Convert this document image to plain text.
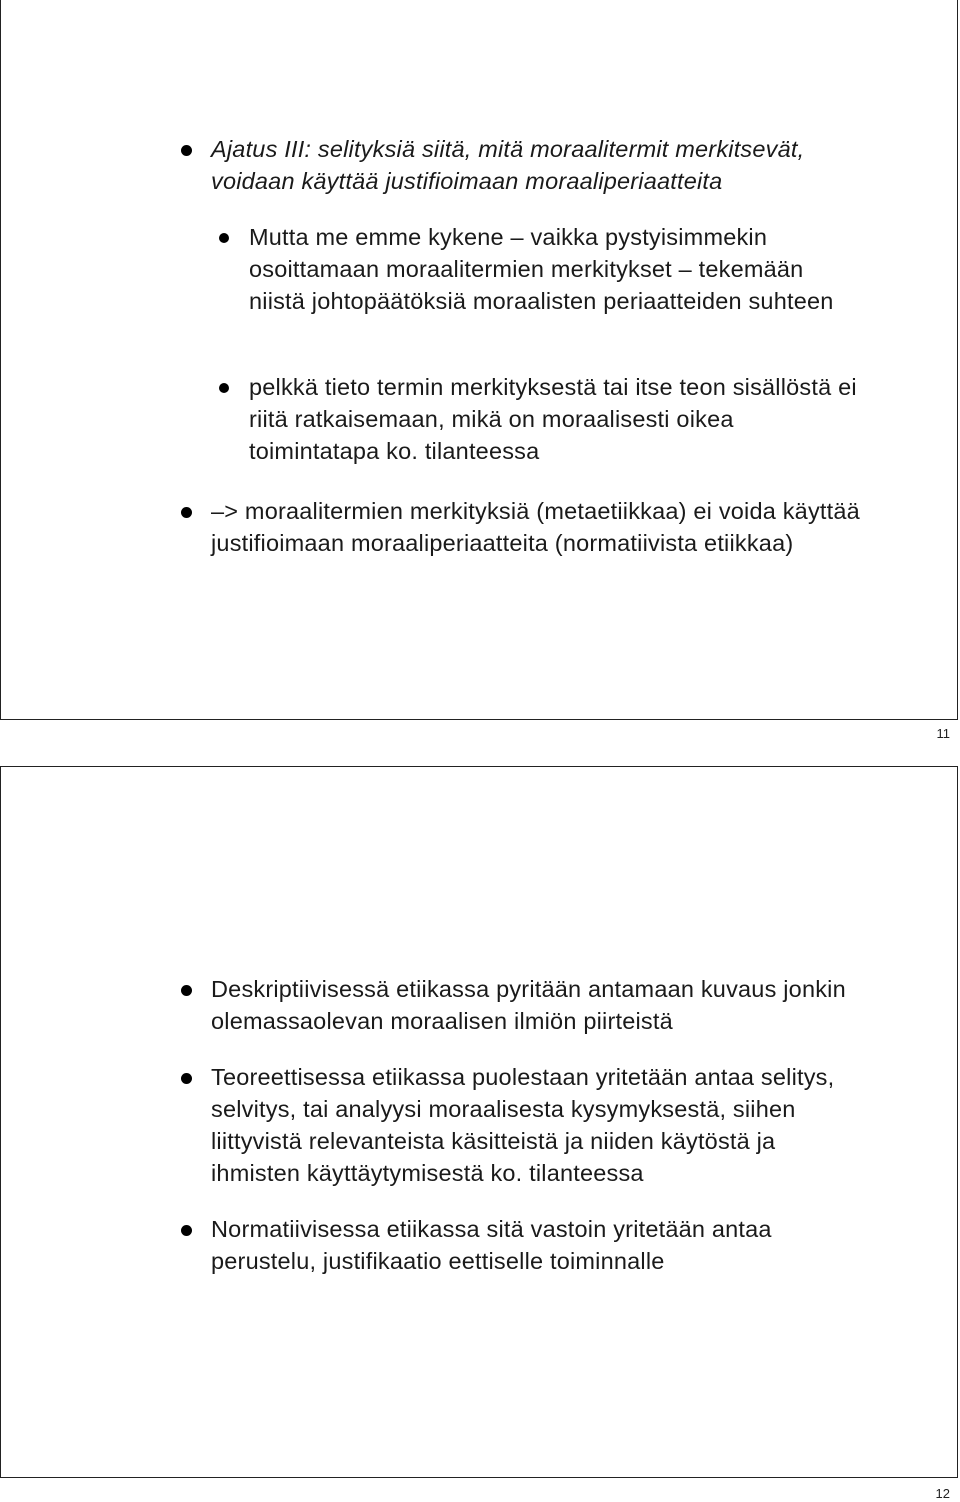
Ajatus III: selityksiä siitä, mitä moraalitermit merkitsevät, voidaan käyttää justifioimaan moraaliperiaatteita
Mutta me emme kykene – vaikka pystyisimmekin osoittamaan moraalitermien merkitykset – tekemään niistä johtopäätöksiä moraalisten periaatteiden suhteen
pelkkä tieto termin merkityksestä tai itse teon sisällöstä ei riitä ratkaisemaan, mikä on moraalisesti oikea toimintatapa ko. tilanteessa
–> moraalitermien merkityksiä (metaetiikkaa) ei voida käyttää justifioimaan moraaliperiaatteita (normatiivista etiikkaa)
11
Deskriptiivisessä etiikassa pyritään antamaan kuvaus jonkin olemassaolevan moraalisen ilmiön piirteistä
Teoreettisessa etiikassa puolestaan yritetään antaa selitys, selvitys, tai analyysi moraalisesta kysymyksestä, siihen liittyvistä relevanteista käsitteistä ja niiden käytöstä ja ihmisten käyttäytymisestä ko. tilanteessa
Normatiivisessa etiikassa sitä vastoin yritetään antaa perustelu, justifikaatio eettiselle toiminnalle
12
